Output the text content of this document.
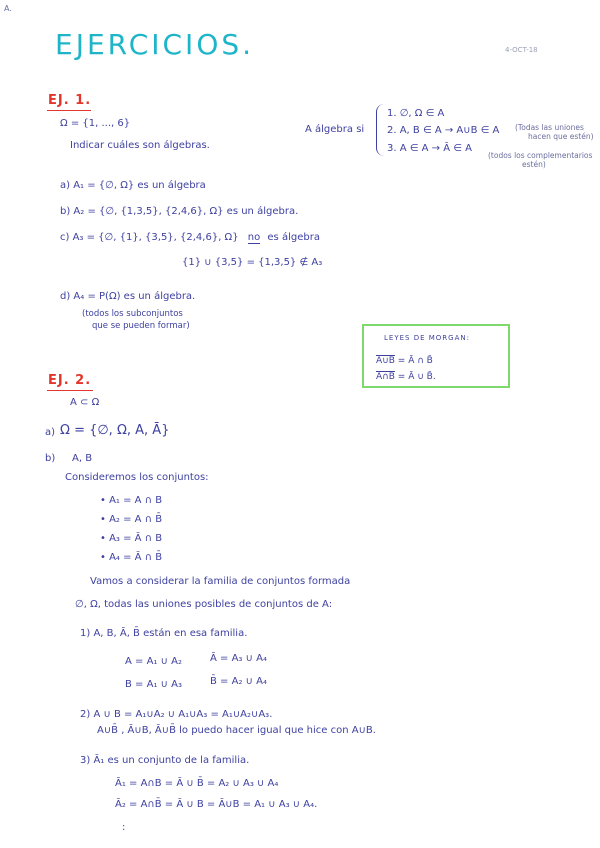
A.
EJERCICIOS.	4-OCT-18
EJ. 1.
Ω = {1, ..., 6}
Indicar cuáles son álgebras.
A álgebra si
1. ∅, Ω ∈ A
2. A, B ∈ A → A∪B ∈ A (Todas las uniones
hacen que estén)
3. A ∈ A → Ā ∈ A
(todos los complementarios
estén)
a) A₁ = {∅, Ω} es un álgebra
b) A₂ = {∅, {1,3,5}, {2,4,6}, Ω} es un álgebra.
c) A₃ = {∅, {1}, {3,5}, {2,4,6}, Ω} no es álgebra
{1} ∪ {3,5} = {1,3,5} ∉ A₃
d) A₄ = P(Ω) es un álgebra.
(todos los subconjuntos
que se pueden formar)
LEYES DE MORGAN:
A∪B = Ā ∩ B̄
A∩B = Ā ∪ B̄.
EJ. 2.
A ⊂ Ω
a) Ω = {∅, Ω, A, Ā}
b) A, B
Consideremos los conjuntos:
• A₁ = A ∩ B
• A₂ = A ∩ B̄
• A₃ = Ā ∩ B
• A₄ = Ā ∩ B̄
Vamos a considerar la familia de conjuntos formada
∅, Ω, todas las uniones posibles de conjuntos de A:
1) A, B, Ā, B̄ están en esa familia.
A = A₁ ∪ A₂	Ā = A₃ ∪ A₄
B = A₁ ∪ A₃	B̄ = A₂ ∪ A₄
2) A ∪ B = A₁∪A₂ ∪ A₁∪A₃ = A₁∪A₂∪A₃.
A∪B̄ , Ā∪B, Ā∪B̄ lo puedo hacer igual que hice con A∪B.
3) Ā₁ es un conjunto de la familia.
Ā₁ = A∩B = Ā ∪ B̄ = A₂ ∪ A₃ ∪ A₄
Ā₂ = A∩B̄ = Ā ∪ B = Ā∪B = A₁ ∪ A₃ ∪ A₄.
:
